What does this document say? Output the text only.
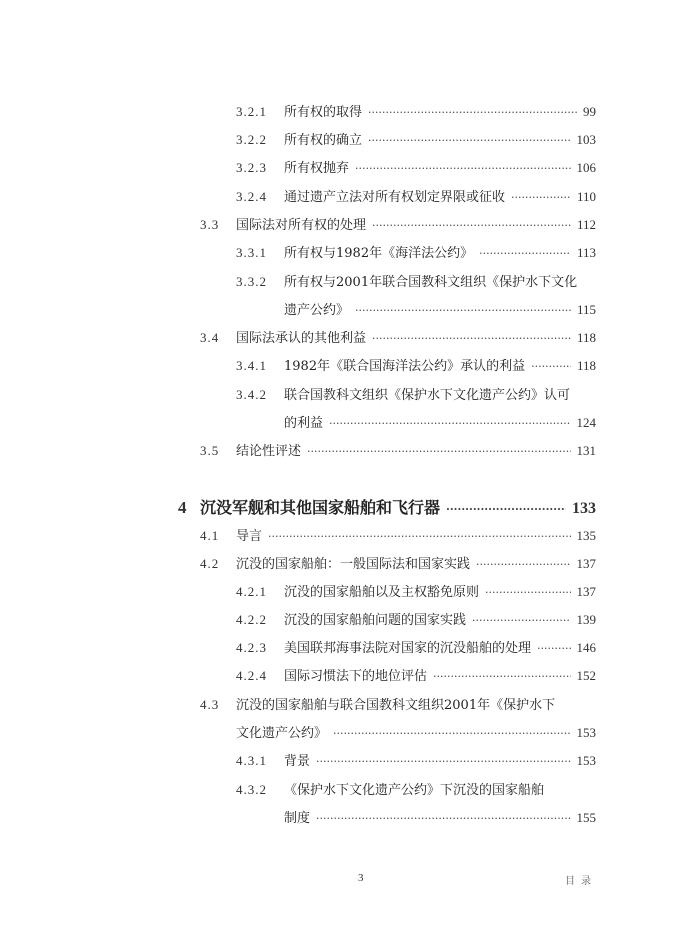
3.2.1	所有权的取得 ·····	99
3.2.2	所有权的确立 ·····	103
3.2.3	所有权抛弃 ·····	106
3.2.4	通过遗产立法对所有权划定界限或征收 ·····	110
3.3	国际法对所有权的处理 ·····	112
3.3.1	所有权与1982年《海洋法公约》 ·····	113
3.3.2	所有权与2001年联合国教科文组织《保护水下文化
遗产公约》 ·····	115
3.4	国际法承认的其他利益 ·····	118
3.4.1	1982年《联合国海洋法公约》承认的利益 ·····	118
3.4.2	联合国教科文组织《保护水下文化遗产公约》认可
的利益 ·····	124
3.5	结论性评述 ·····	131
4 沉没军舰和其他国家船舶和飞行器 ·····	133
4.1	导言 ·····	135
4.2	沉没的国家船舶：一般国际法和国家实践 ·····	137
4.2.1	沉没的国家船舶以及主权豁免原则 ·····	137
4.2.2	沉没的国家船舶问题的国家实践 ·····	139
4.2.3	美国联邦海事法院对国家的沉没船舶的处理 ·····	146
4.2.4	国际习惯法下的地位评估 ·····	152
4.3	沉没的国家船舶与联合国教科文组织2001年《保护水下
文化遗产公约》 ·····	153
4.3.1	背景 ·····	153
4.3.2	《保护水下文化遗产公约》下沉没的国家船舶
制度 ·····	155
3	目录
